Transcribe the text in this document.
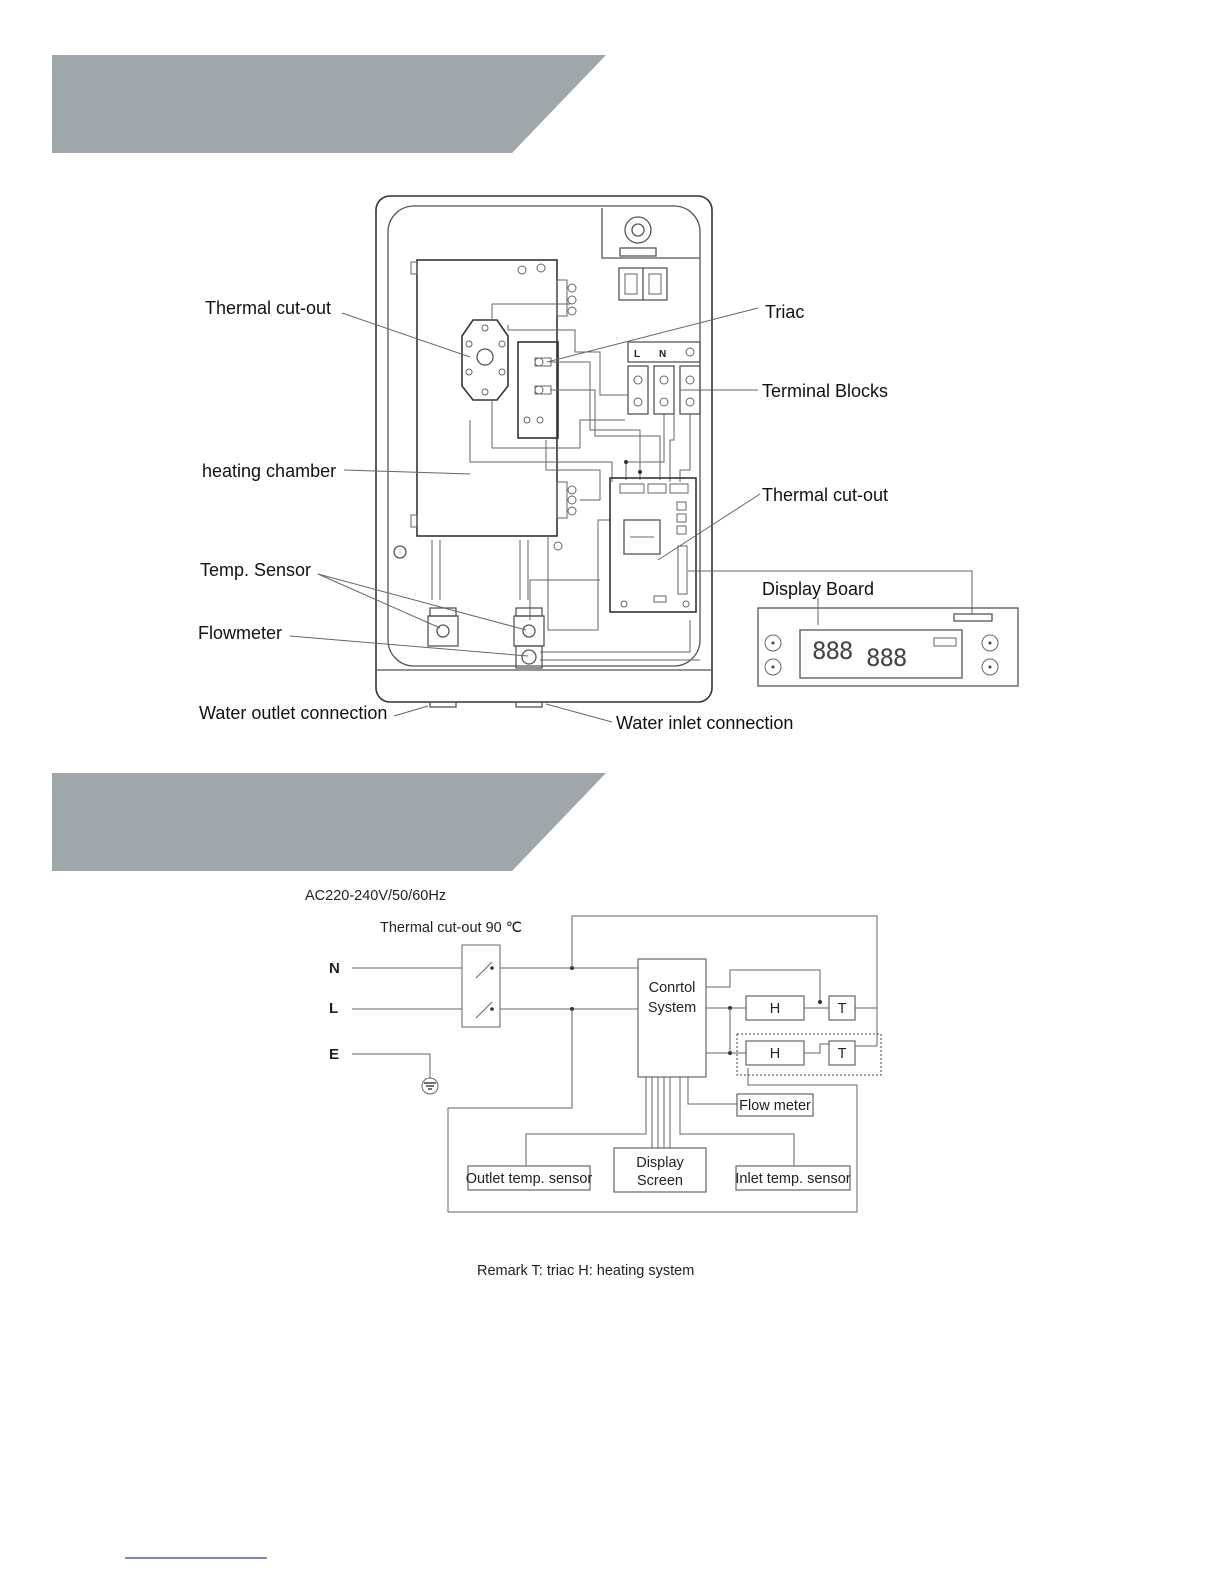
L N
888 888
Thermal cut-out	Triac
Terminal Blocks
heating chamber
Thermal cut-out
Temp. Sensor
Display Board
Flowmeter
Water outlet connection	Water inlet connection
AC220-240V/50/60Hz
Thermal cut-out 90 ℃
N
L
E
Conrtol
System	H	T
H	T
Flow meter
Outlet temp. sensor
Display
Screen	Inlet temp. sensor
Remark T: triac H: heating system
